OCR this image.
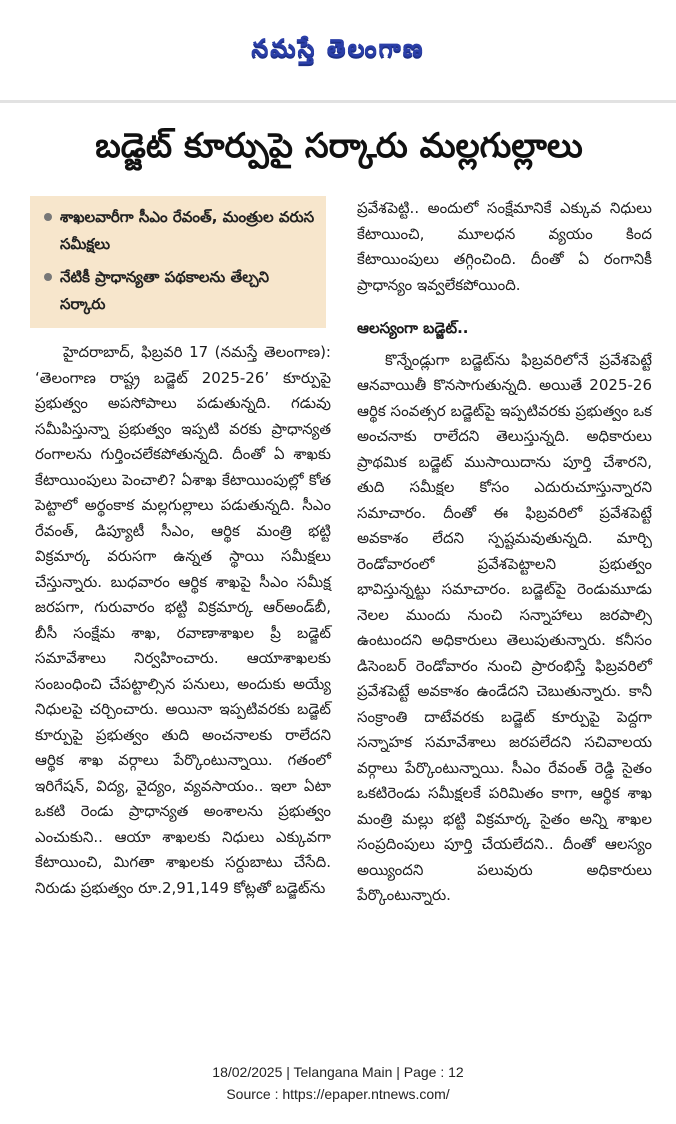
నమస్తే తెలంగాణ
బడ్జెట్ కూర్పుపై సర్కారు మల్లగుల్లాలు
శాఖలవారీగా సీఎం రేవంత్, మంత్రుల వరుస సమీక్షలు
నేటికీ ప్రాధాన్యతా పథకాలను తేల్చని సర్కారు

హైదరాబాద్, ఫిబ్రవరి 17 (నమస్తే తెలంగాణ): ‘తెలంగాణ రాష్ట్ర బడ్జెట్ 2025-26’ కూర్పుపై ప్రభుత్వం అపసోపాలు పడుతున్నది. గడువు సమీపిస్తున్నా ప్రభుత్వం ఇప్పటి వరకు ప్రాధాన్యత రంగాలను గుర్తించలేకపోతున్నది. దీంతో ఏ శాఖకు కేటాయింపులు పెంచాలి? ఏశాఖ కేటాయింపుల్లో కోత పెట్టాలో అర్థంకాక మల్లగుల్లాలు పడుతున్నది. సీఎం రేవంత్, డిప్యూటీ సీఎం, ఆర్థిక మంత్రి భట్టి విక్రమార్క వరుసగా ఉన్నత స్థాయి సమీక్షలు చేస్తున్నారు. బుధవారం ఆర్థిక శాఖపై సీఎం సమీక్ష జరపగా, గురువారం భట్టి విక్రమార్క ఆర్అండ్‌బీ, బీసీ సంక్షేమ శాఖ, రవాణాశాఖల ప్రీ బడ్జెట్ సమావేశాలు నిర్వహించారు. ఆయాశాఖలకు సంబంధించి చేపట్టాల్సిన పనులు, అందుకు అయ్యే నిధులపై చర్చించారు. అయినా ఇప్పటివరకు బడ్జెట్ కూర్పుపై ప్రభుత్వం తుది అంచనాలకు రాలేదని ఆర్థిక శాఖ వర్గాలు పేర్కొంటున్నాయి. గతంలో ఇరిగేషన్, విద్య, వైద్యం, వ్యవసాయం.. ఇలా ఏటా ఒకటి రెండు ప్రాధాన్యత అంశాలను ప్రభుత్వం ఎంచుకుని.. ఆయా శాఖలకు నిధులు ఎక్కువగా కేటాయించి, మిగతా శాఖలకు సర్దుబాటు చేసేది. నిరుడు ప్రభుత్వం రూ.2,91,149 కోట్లతో బడ్జెట్‌ను

ప్రవేశపెట్టి.. అందులో సంక్షేమానికే ఎక్కువ నిధులు కేటాయించి, మూలధన వ్యయం కింద కేటాయింపులు తగ్గించింది. దీంతో ఏ రంగానికీ ప్రాధాన్యం ఇవ్వలేకపోయింది.

ఆలస్యంగా బడ్జెట్..

కొన్నేండ్లుగా బడ్జెట్‌ను ఫిబ్రవరిలోనే ప్రవేశపెట్టే ఆనవాయితీ కొనసాగుతున్నది. అయితే 2025-26 ఆర్థిక సంవత్సర బడ్జెట్‌పై ఇప్పటివరకు ప్రభుత్వం ఒక అంచనాకు రాలేదని తెలుస్తున్నది. అధికారులు ప్రాథమిక బడ్జెట్ ముసాయిదాను పూర్తి చేశారని, తుది సమీక్షల కోసం ఎదురుచూస్తున్నారని సమాచారం. దీంతో ఈ ఫిబ్రవరిలో ప్రవేశపెట్టే అవకాశం లేదని స్పష్టమవుతున్నది. మార్చి రెండోవారంలో ప్రవేశపెట్టాలని ప్రభుత్వం భావిస్తున్నట్టు సమాచారం. బడ్జెట్‌పై రెండుమూడు నెలల ముందు నుంచి సన్నాహాలు జరపాల్సి ఉంటుందని అధికారులు తెలుపుతున్నారు. కనీసం డిసెంబర్ రెండోవారం నుంచి ప్రారంభిస్తే ఫిబ్రవరిలో ప్రవేశపెట్టే అవకాశం ఉండేదని చెబుతున్నారు. కానీ సంక్రాంతి దాటేవరకు బడ్జెట్ కూర్పుపై పెద్దగా సన్నాహక సమావేశాలు జరపలేదని సచివాలయ వర్గాలు పేర్కొంటున్నాయి. సీఎం రేవంత్ రెడ్డి సైతం ఒకటిరెండు సమీక్షలకే పరిమితం కాగా, ఆర్థిక శాఖ మంత్రి మల్లు భట్టి విక్రమార్క సైతం అన్ని శాఖల సంప్రదింపులు పూర్తి చేయలేదని.. దీంతో ఆలస్యం అయ్యిందని పలువురు అధికారులు పేర్కొంటున్నారు.

18/02/2025 | Telangana Main | Page : 12
Source : https://epaper.ntnews.com/
